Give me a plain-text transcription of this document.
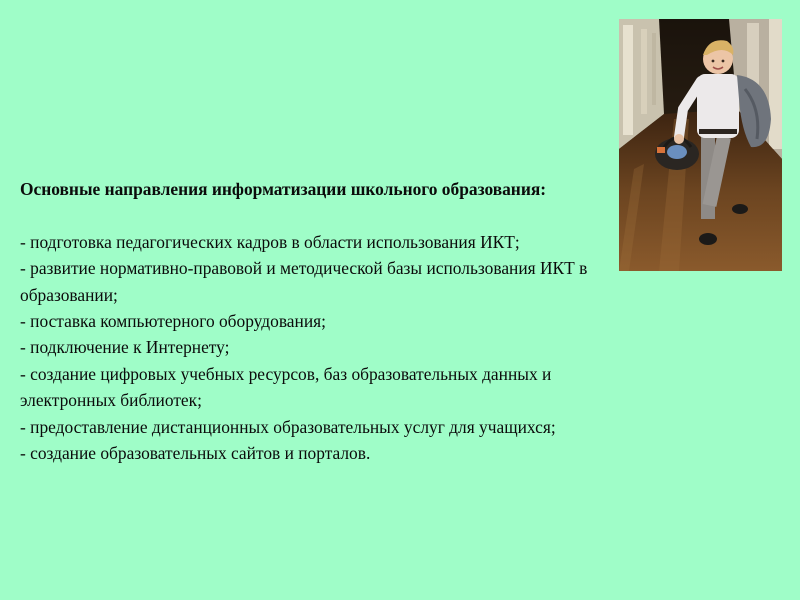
Основные направления информатизации школьного образования:

- подготовка педагогических кадров в области использования ИКТ;
- развитие нормативно-правовой и методической базы использования ИКТ в образовании;
- поставка компьютерного оборудования;
- подключение к Интернету;
- создание цифровых учебных ресурсов, баз образовательных данных и электронных библиотек;
- предоставление дистанционных образовательных услуг для учащихся;
- создание образовательных сайтов и порталов.
